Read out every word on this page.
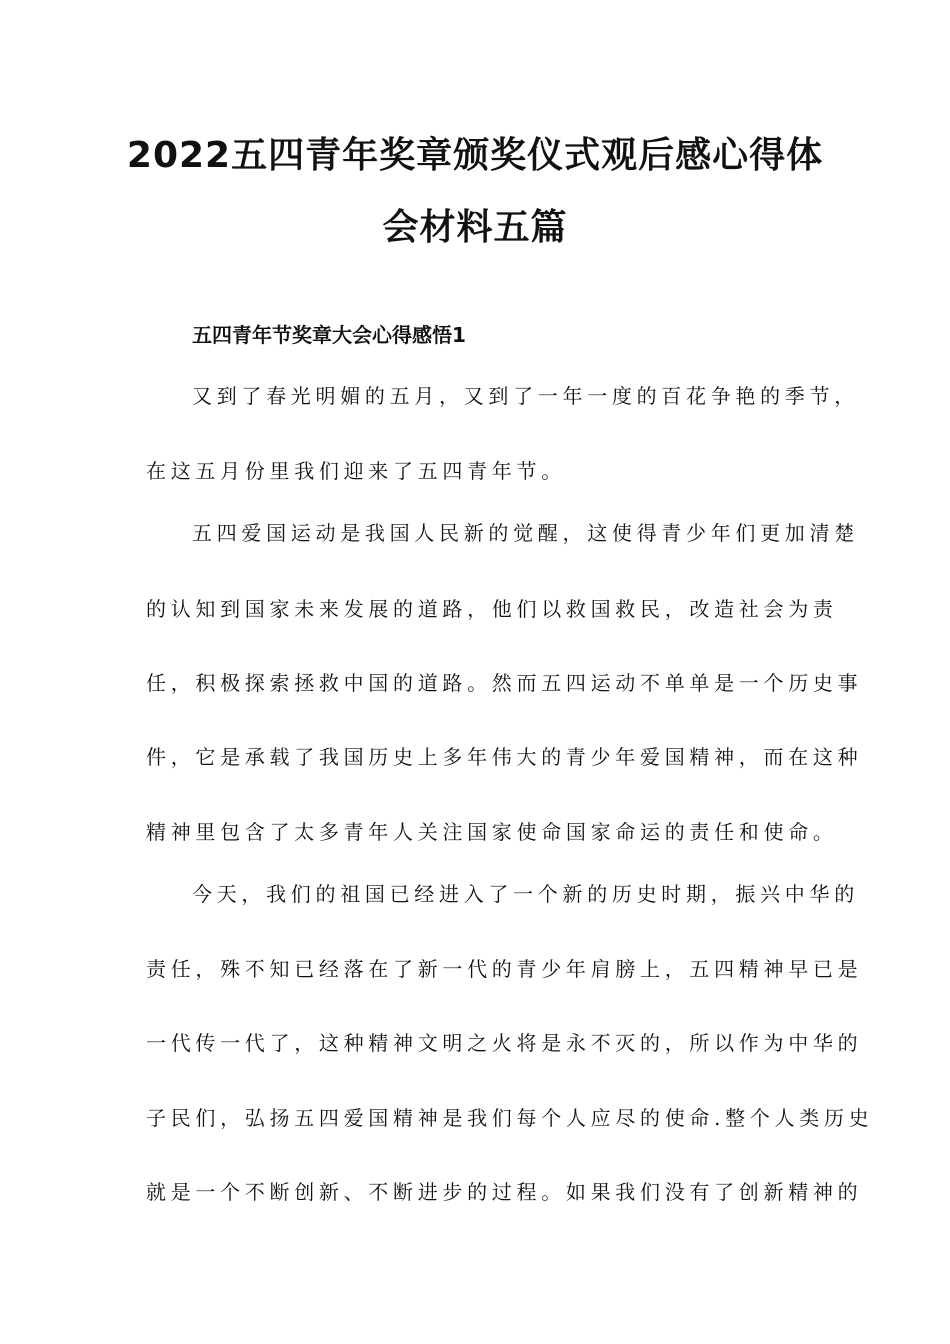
2022五四青年奖章颁奖仪式观后感心得体
会材料五篇
五四青年节奖章大会心得感悟1
又到了春光明媚的五月，又到了一年一度的百花争艳的季节，
在这五月份里我们迎来了五四青年节。
五四爱国运动是我国人民新的觉醒，这使得青少年们更加清楚
的认知到国家未来发展的道路，他们以救国救民，改造社会为责
任，积极探索拯救中国的道路。然而五四运动不单单是一个历史事
件，它是承载了我国历史上多年伟大的青少年爱国精神，而在这种
精神里包含了太多青年人关注国家使命国家命运的责任和使命。
今天，我们的祖国已经进入了一个新的历史时期，振兴中华的
责任，殊不知已经落在了新一代的青少年肩膀上，五四精神早已是
一代传一代了，这种精神文明之火将是永不灭的，所以作为中华的
子民们，弘扬五四爱国精神是我们每个人应尽的使命.整个人类历史
就是一个不断创新、不断进步的过程。如果我们没有了创新精神的
